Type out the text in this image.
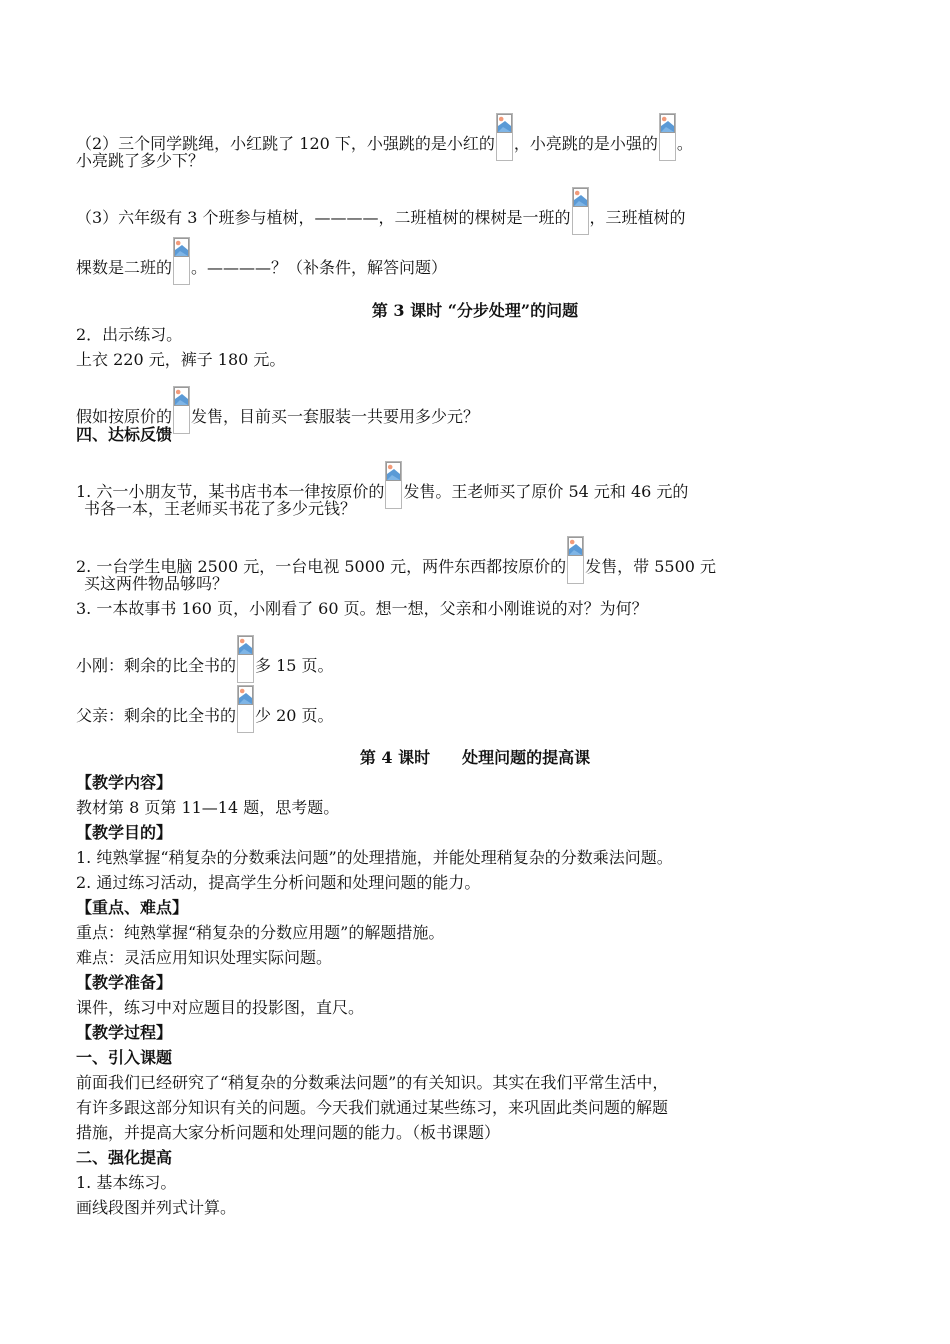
（2）三个同学跳绳，小红跳了 120 下，小强跳的是小红的 ，小亮跳的是小强的 。
小亮跳了多少下？
（3）六年级有 3 个班参与植树，————，二班植树的棵树是一班的 ，三班植树的
棵数是二班的 。————？（补条件，解答问题）
第 3 课时 “分步处理”的问题
2．出示练习。
上衣 220 元，裤子 180 元。
假如按原价的 发售，目前买一套服装一共要用多少元？
四、达标反馈
1. 六一小朋友节，某书店书本一律按原价的 发售。王老师买了原价 54 元和 46 元的
书各一本，王老师买书花了多少元钱？
2. 一台学生电脑 2500 元，一台电视 5000 元，两件东西都按原价的 发售，带 5500 元
买这两件物品够吗？
3. 一本故事书 160 页，小刚看了 60 页。想一想，父亲和小刚谁说的对？为何？
小刚：剩余的比全书的 多 15 页。
父亲：剩余的比全书的 少 20 页。
第 4 课时　　处理问题的提高课
【教学内容】
教材第 8 页第 11—14 题，思考题。
【教学目的】
1. 纯熟掌握“稍复杂的分数乘法问题”的处理措施，并能处理稍复杂的分数乘法问题。
2. 通过练习活动，提高学生分析问题和处理问题的能力。
【重点、难点】
重点：纯熟掌握“稍复杂的分数应用题”的解题措施。
难点：灵活应用知识处理实际问题。
【教学准备】
课件，练习中对应题目的投影图，直尺。
【教学过程】
一、引入课题
前面我们已经研究了“稍复杂的分数乘法问题”的有关知识。其实在我们平常生活中，
有许多跟这部分知识有关的问题。今天我们就通过某些练习，来巩固此类问题的解题
措施，并提高大家分析问题和处理问题的能力。（板书课题）
二、强化提高
1. 基本练习。
画线段图并列式计算。
